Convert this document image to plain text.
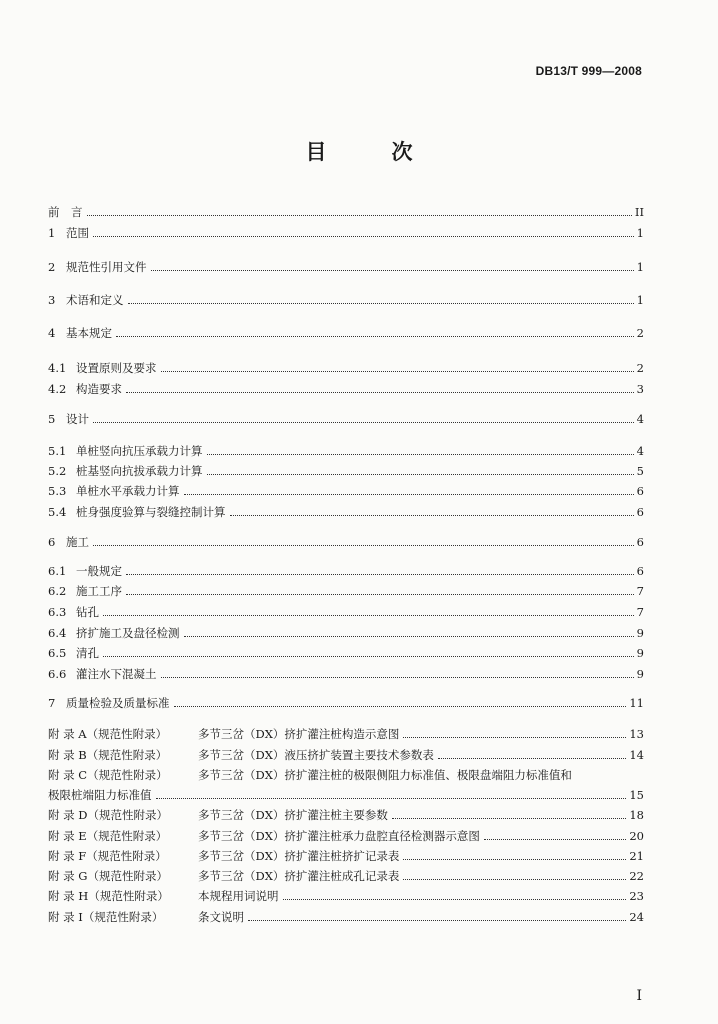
DB13/T 999—2008
目　次
前　言	II
1 范围	1
2 规范性引用文件	1
3 术语和定义	1
4 基本规定	2
4.1 设置原则及要求	2
4.2 构造要求	3
5 设计	4
5.1 单桩竖向抗压承载力计算	4
5.2 桩基竖向抗拔承载力计算	5
5.3 单桩水平承载力计算	6
5.4 桩身强度验算与裂缝控制计算	6
6 施工	6
6.1 一般规定	6
6.2 施工工序	7
6.3 钻孔	7
6.4 挤扩施工及盘径检测	9
6.5 清孔	9
6.6 灌注水下混凝土	9
7 质量检验及质量标准	11
附 录 A（规范性附录）	多节三岔（DX）挤扩灌注桩构造示意图	13
附 录 B（规范性附录）	多节三岔（DX）液压挤扩装置主要技术参数表	14
附 录 C（规范性附录）	多节三岔（DX）挤扩灌注桩的极限侧阻力标准值、极限盘端阻力标准值和
极限桩端阻力标准值	15
附 录 D（规范性附录）	多节三岔（DX）挤扩灌注桩主要参数	18
附 录 E（规范性附录）	多节三岔（DX）挤扩灌注桩承力盘腔直径检测器示意图	20
附 录 F（规范性附录）	多节三岔（DX）挤扩灌注桩挤扩记录表	21
附 录 G（规范性附录）	多节三岔（DX）挤扩灌注桩成孔记录表	22
附 录 H（规范性附录）	本规程用词说明	23
附 录 I（规范性附录）	条文说明	24
I
